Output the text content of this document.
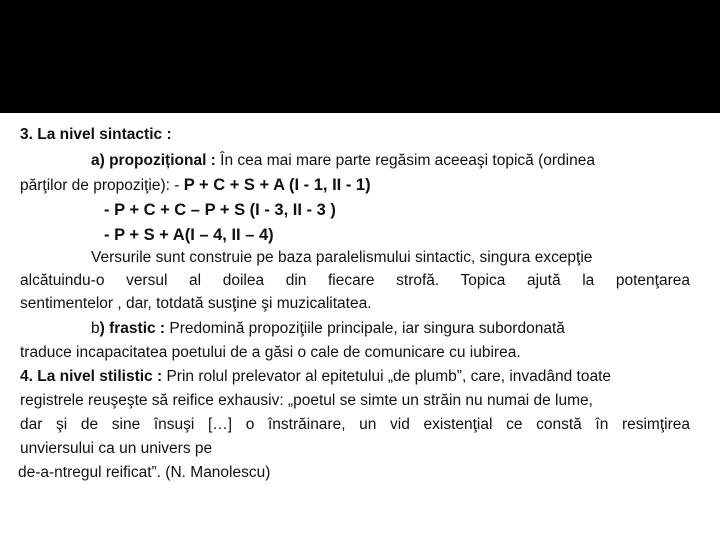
3. La nivel sintactic :
a) propozițional : În cea mai mare parte regăsim aceeaşi topică (ordinea
părţilor de propoziţie): - P + C + S + A (I - 1, II - 1)
- P + C + C – P + S (I - 3, II - 3 )
- P + S + A(I – 4, II – 4)
Versurile sunt construie pe baza paralelismului sintactic, singura excepţie
alcătuindu-o versul al doilea din fiecare strofă. Topica ajută la potenţarea
sentimentelor , dar, totdată susţine şi muzicalitatea.
b) frastic : Predomină propoziţiile principale, iar singura subordonată
traduce incapacitatea poetului de a găsi o cale de comunicare cu iubirea.
4. La nivel stilistic : Prin rolul prelevator al epitetului „de plumb”, care, invadând toate
registrele reuşeşte să reifice exhausiv: „poetul se simte un străin nu numai de lume,
dar şi de sine însuşi […] o înstrăinare, un vid existenţial ce constă în resimţirea
unviersului ca un univers pe
de-a-ntregul reificat”. (N. Manolescu)
